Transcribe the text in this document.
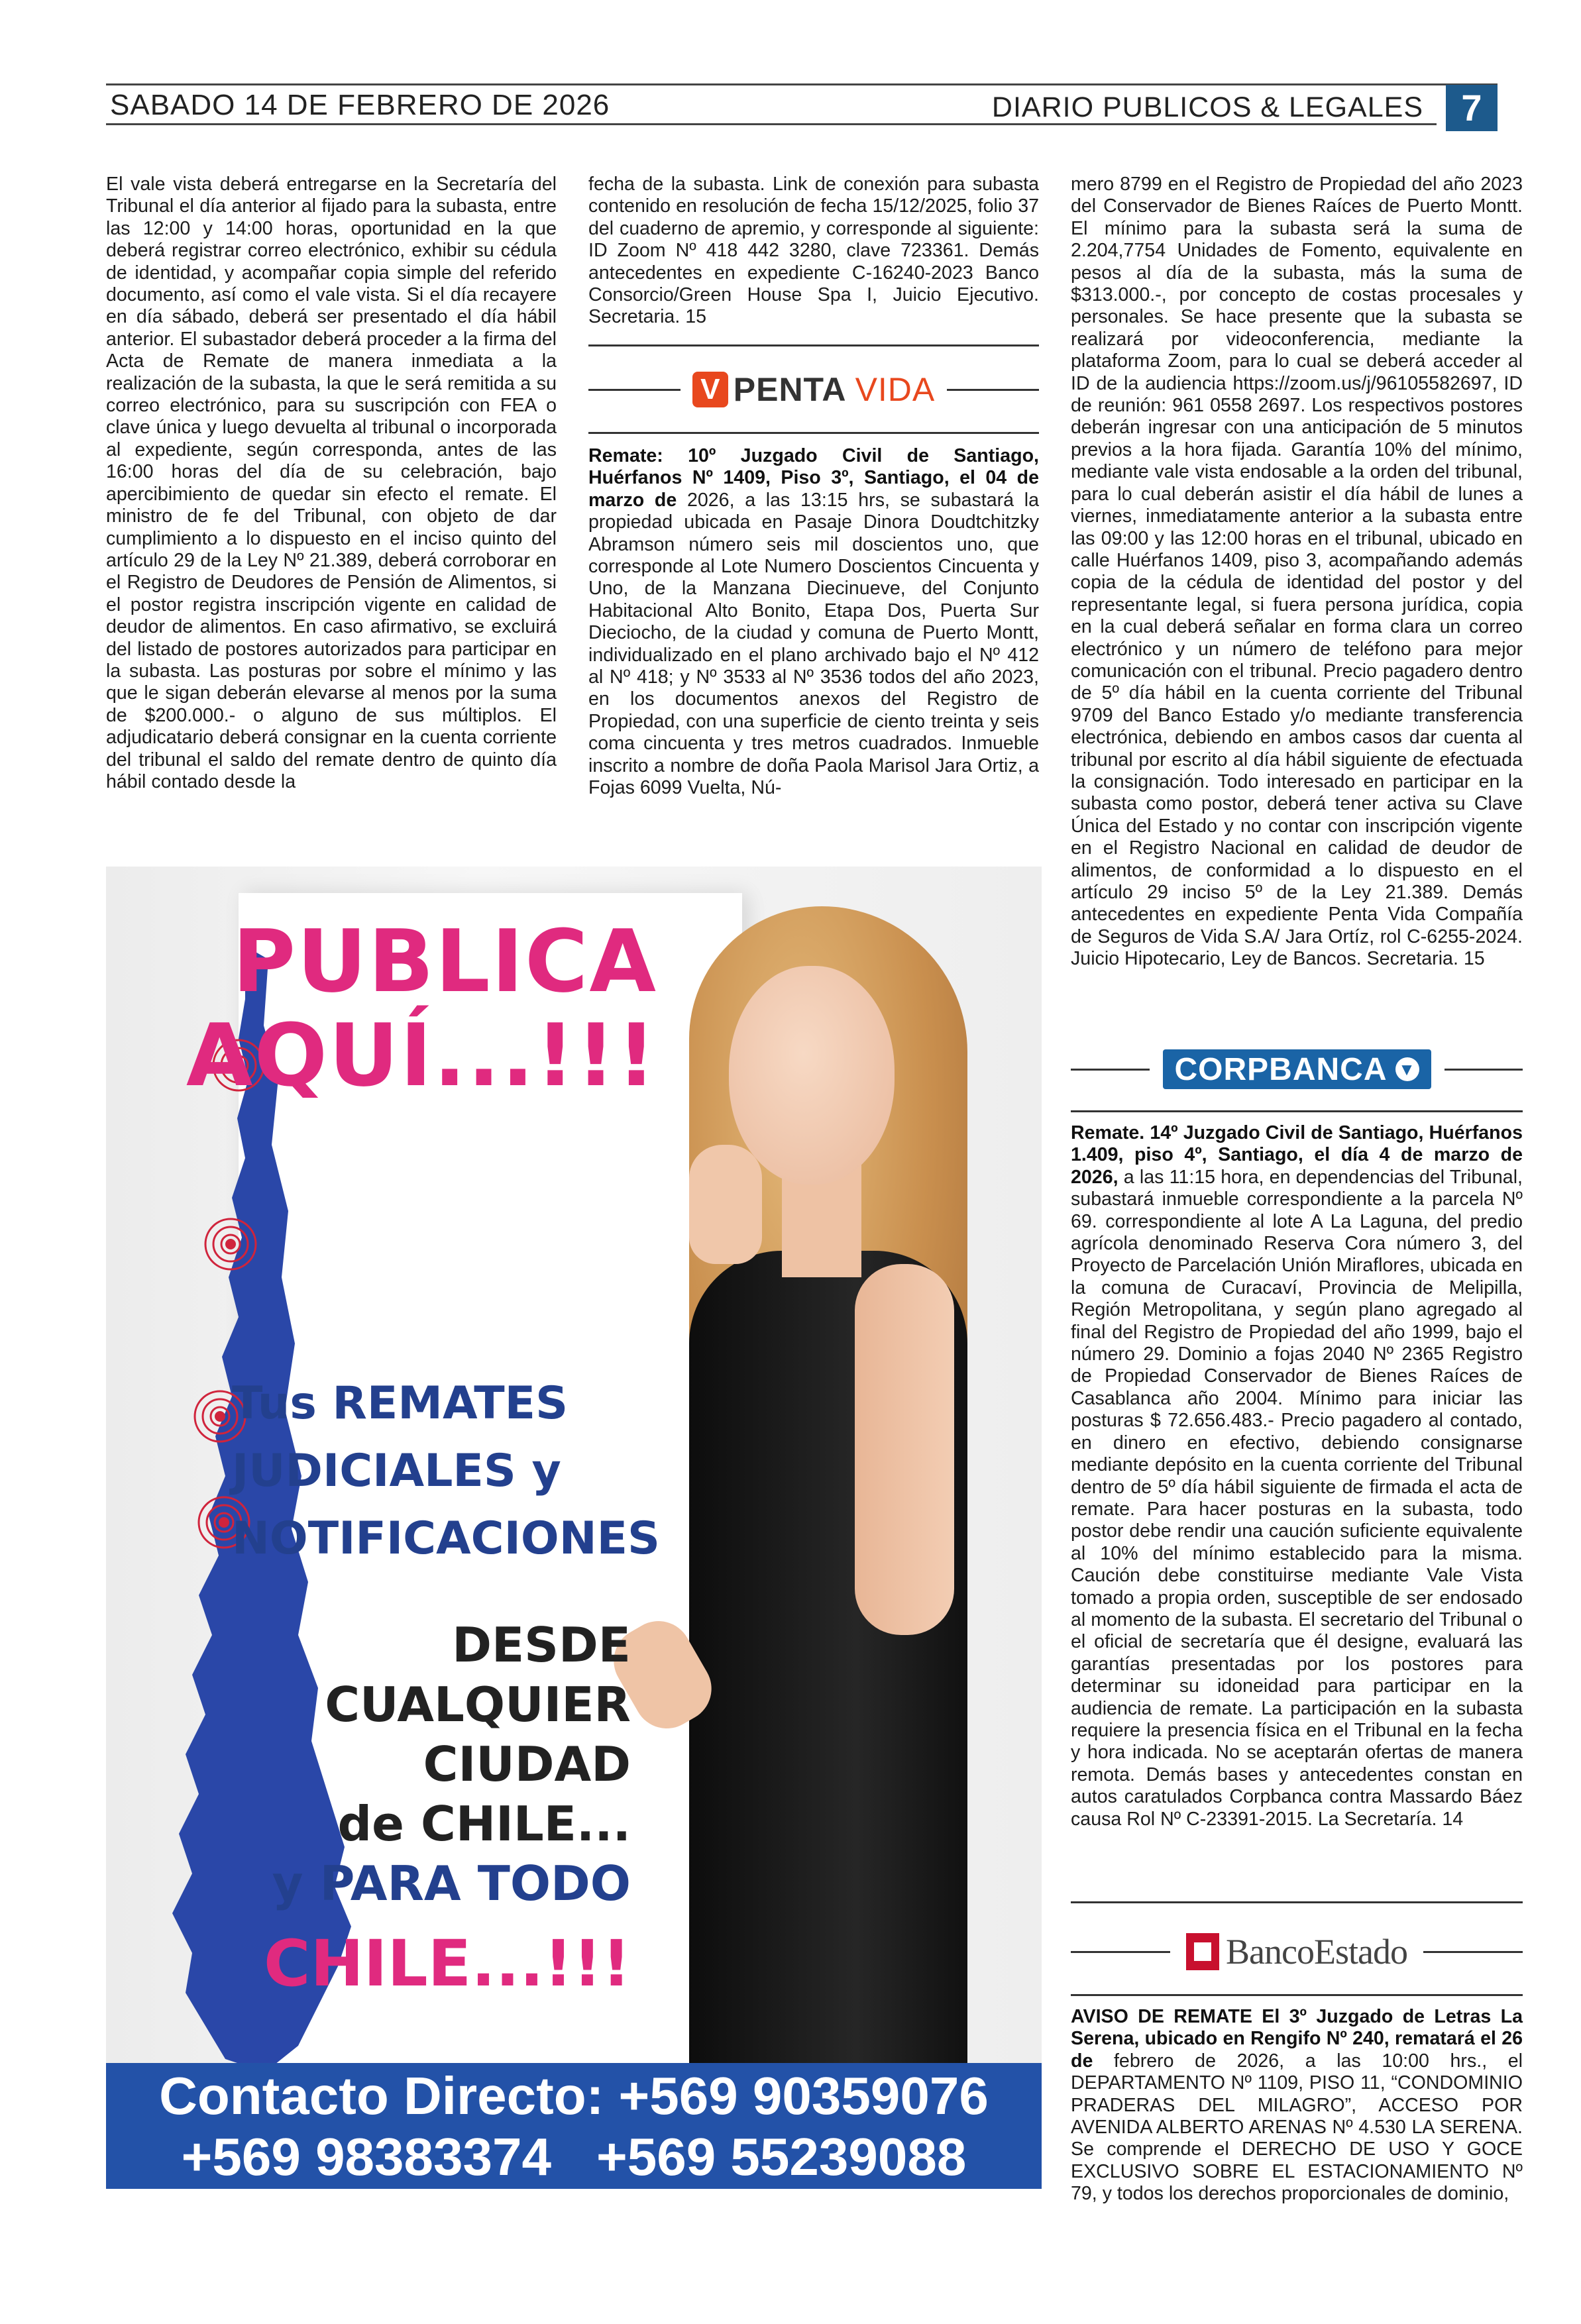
SABADO 14 DE FEBRERO DE 2026	DIARIO PUBLICOS & LEGALES	7

El vale vista deberá entregarse en la Secretaría del Tribunal el día anterior al fijado para la subasta, entre las 12:00 y 14:00 horas, oportunidad en la que deberá registrar correo electrónico, exhibir su cédula de identidad, y acompañar copia simple del referido documento, así como el vale vista. Si el día recayere en día sábado, deberá ser presentado el día hábil anterior. El subastador deberá proceder a la firma del Acta de Remate de manera inmediata a la realización de la subasta, la que le será remitida a su correo electrónico, para su suscripción con FEA o clave única y luego devuelta al tribunal o incorporada al expediente, según corresponda, antes de las 16:00 horas del día de su celebración, bajo apercibimiento de quedar sin efecto el remate. El ministro de fe del Tribunal, con objeto de dar cumplimiento a lo dispuesto en el inciso quinto del artículo 29 de la Ley Nº 21.389, deberá corroborar en el Registro de Deudores de Pensión de Alimentos, si el postor registra inscripción vigente en calidad de deudor de alimentos. En caso afirmativo, se excluirá del listado de postores autorizados para participar en la subasta. Las posturas por sobre el mínimo y las que le sigan deberán elevarse al menos por la suma de $200.000.- o alguno de sus múltiplos. El adjudicatario deberá consignar en la cuenta corriente del tribunal el saldo del remate dentro de quinto día hábil contado desde la

fecha de la subasta. Link de conexión para subasta contenido en resolución de fecha 15/12/2025, folio 37 del cuaderno de apremio, y corresponde al siguiente: ID Zoom Nº 418 442 3280, clave 723361. Demás antecedentes en expediente C-16240-2023 Banco Consorcio/Green House Spa I, Juicio Ejecutivo. Secretaria. 15

V PENTA VIDA

Remate: 10º Juzgado Civil de Santiago, Huérfanos Nº 1409, Piso 3º, Santiago, el 04 de marzo de 2026, a las 13:15 hrs, se subastará la propiedad ubicada en Pasaje Dinora Doudtchitzky Abramson número seis mil doscientos uno, que corresponde al Lote Numero Doscientos Cincuenta y Uno, de la Manzana Diecinueve, del Conjunto Habitacional Alto Bonito, Etapa Dos, Puerta Sur Dieciocho, de la ciudad y comuna de Puerto Montt, individualizado en el plano archivado bajo el Nº 412 al Nº 418; y Nº 3533 al Nº 3536 todos del año 2023, en los documentos anexos del Registro de Propiedad, con una superficie de ciento treinta y seis coma cincuenta y tres metros cuadrados. Inmueble inscrito a nombre de doña Paola Marisol Jara Ortiz, a Fojas 6099 Vuelta, Nú-

mero 8799 en el Registro de Propiedad del año 2023 del Conservador de Bienes Raíces de Puerto Montt. El mínimo para la subasta será la suma de 2.204,7754 Unidades de Fomento, equivalente en pesos al día de la subasta, más la suma de $313.000.-, por concepto de costas procesales y personales. Se hace presente que la subasta se realizará por videoconferencia, mediante la plataforma Zoom, para lo cual se deberá acceder al ID de la audiencia https://zoom.us/j/96105582697, ID de reunión: 961 0558 2697. Los respectivos postores deberán ingresar con una anticipación de 5 minutos previos a la hora fijada. Garantía 10% del mínimo, mediante vale vista endosable a la orden del tribunal, para lo cual deberán asistir el día hábil de lunes a viernes, inmediatamente anterior a la subasta entre las 09:00 y las 12:00 horas en el tribunal, ubicado en calle Huérfanos 1409, piso 3, acompañando además copia de la cédula de identidad del postor y del representante legal, si fuera persona jurídica, copia en la cual deberá señalar en forma clara un correo electrónico y un número de teléfono para mejor comunicación con el tribunal. Precio pagadero dentro de 5º día hábil en la cuenta corriente del Tribunal 9709 del Banco Estado y/o mediante transferencia electrónica, debiendo en ambos casos dar cuenta al tribunal por escrito al día hábil siguiente de efectuada la consignación. Todo interesado en participar en la subasta como postor, deberá tener activa su Clave Única del Estado y no contar con inscripción vigente en el Registro Nacional en calidad de deudor de alimentos, de conformidad a lo dispuesto en el artículo 29 inciso 5º de la Ley 21.389. Demás antecedentes en expediente Penta Vida Compañía de Seguros de Vida S.A/ Jara Ortíz, rol C-6255-2024. Juicio Hipotecario, Ley de Bancos. Secretaria. 15

CORPBANCA ▼

Remate. 14º Juzgado Civil de Santiago, Huérfanos 1.409, piso 4º, Santiago, el día 4 de marzo de 2026, a las 11:15 hora, en dependencias del Tribunal, subastará inmueble correspondiente a la parcela Nº 69. correspondiente al lote A La Laguna, del predio agrícola denominado Reserva Cora número 3, del Proyecto de Parcelación Unión Miraflores, ubicada en la comuna de Curacaví, Provincia de Melipilla, Región Metropolitana, y según plano agregado al final del Registro de Propiedad del año 1999, bajo el número 29. Dominio a fojas 2040 Nº 2365 Registro de Propiedad Conservador de Bienes Raíces de Casablanca año 2004. Mínimo para iniciar las posturas $ 72.656.483.- Precio pagadero al contado, en dinero en efectivo, debiendo consignarse mediante depósito en la cuenta corriente del Tribunal dentro de 5º día hábil siguiente de firmada el acta de remate. Para hacer posturas en la subasta, todo postor debe rendir una caución suficiente equivalente al 10% del mínimo establecido para la misma. Caución debe constituirse mediante Vale Vista tomado a propia orden, susceptible de ser endosado al momento de la subasta. El secretario del Tribunal o el oficial de secretaría que él designe, evaluará las garantías presentadas por los postores para determinar su idoneidad para participar en la audiencia de remate. La participación en la subasta requiere la presencia física en el Tribunal en la fecha y hora indicada. No se aceptarán ofertas de manera remota. Demás bases y antecedentes constan en autos caratulados Corpbanca contra Massardo Báez causa Rol Nº C-23391-2015. La Secretaría. 14

BancoEstado

AVISO DE REMATE El 3º Juzgado de Letras La Serena, ubicado en Rengifo Nº 240, rematará el 26 de febrero de 2026, a las 10:00 hrs., el DEPARTAMENTO Nº 1109, PISO 11, “CONDOMINIO PRADERAS DEL MILAGRO”, ACCESO POR AVENIDA ALBERTO ARENAS Nº 4.530 LA SERENA. Se comprende el DERECHO DE USO Y GOCE EXCLUSIVO SOBRE EL ESTACIONAMIENTO Nº 79, y todos los derechos proporcionales de dominio,

PUBLICA
AQUÍ...!!!
Tus REMATES
JUDICIALES y
NOTIFICACIONES
DESDE
CUALQUIER
CIUDAD
de CHILE...
y PARA TODO
CHILE...!!!
Contacto Directo: +569 90359076
+569 98383374 +569 55239088
